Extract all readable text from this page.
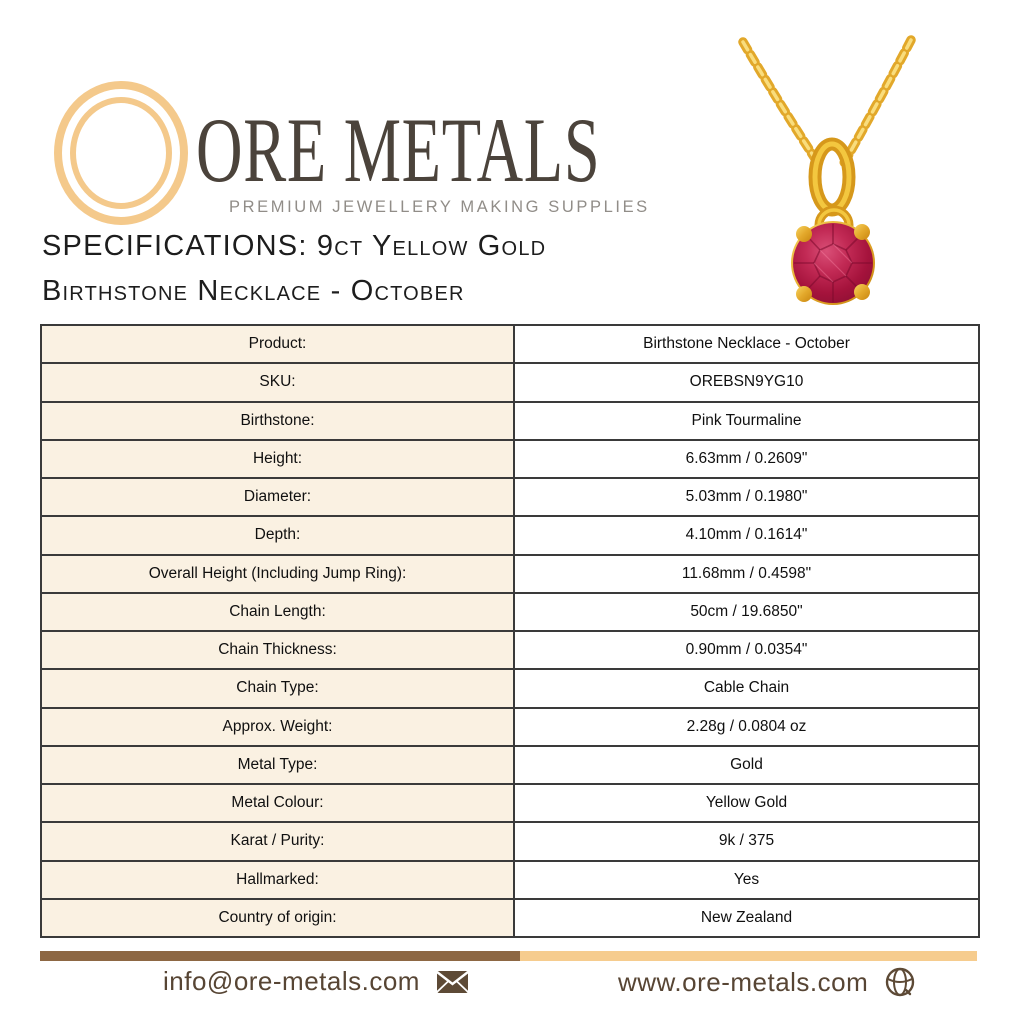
ORE METALS
PREMIUM JEWELLERY MAKING SUPPLIES
SPECIFICATIONS: 9ct Yellow Gold
Birthstone Necklace - October
Product:	Birthstone Necklace - October
SKU:	OREBSN9YG10
Birthstone:	Pink Tourmaline
Height:	6.63mm / 0.2609"
Diameter:	5.03mm / 0.1980"
Depth:	4.10mm / 0.1614"
Overall Height (Including Jump Ring):	11.68mm / 0.4598"
Chain Length:	50cm / 19.6850"
Chain Thickness:	0.90mm / 0.0354"
Chain Type:	Cable Chain
Approx. Weight:	2.28g / 0.0804 oz
Metal Type:	Gold
Metal Colour:	Yellow Gold
Karat / Purity:	9k / 375
Hallmarked:	Yes
Country of origin:	New Zealand
info@ore-metals.com	www.ore-metals.com
